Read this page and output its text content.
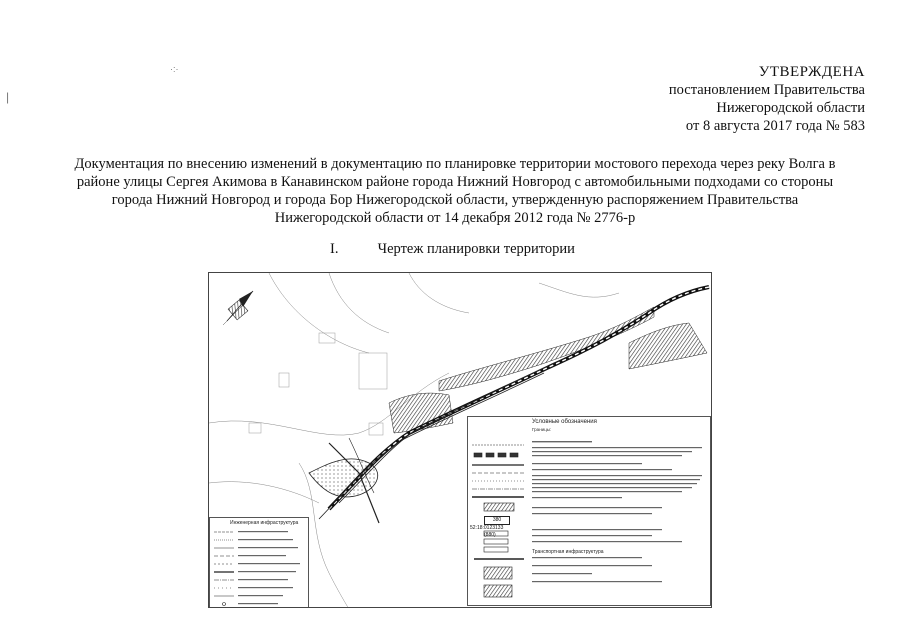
·:·
|
УТВЕРЖДЕНА
постановлением Правительства
Нижегородской области
от 8 августа 2017 года № 583
Документация по внесению изменений в документацию по планировке территории мостового перехода через реку Волга в
районе улицы Сергея Акимова в Канавинском районе города Нижний Новгород с автомобильными подходами со стороны
города Нижний Новгород и города Бор Нижегородской области, утвержденную распоряжением Правительства
Нижегородской области от 14 декабря 2012 года № 2776-р
I.	Чертеж планировки территории
Условные обозначения
Границы:
Транспортная инфраструктура
380
52:18:0123133
(880)
Инженерная инфраструктура
